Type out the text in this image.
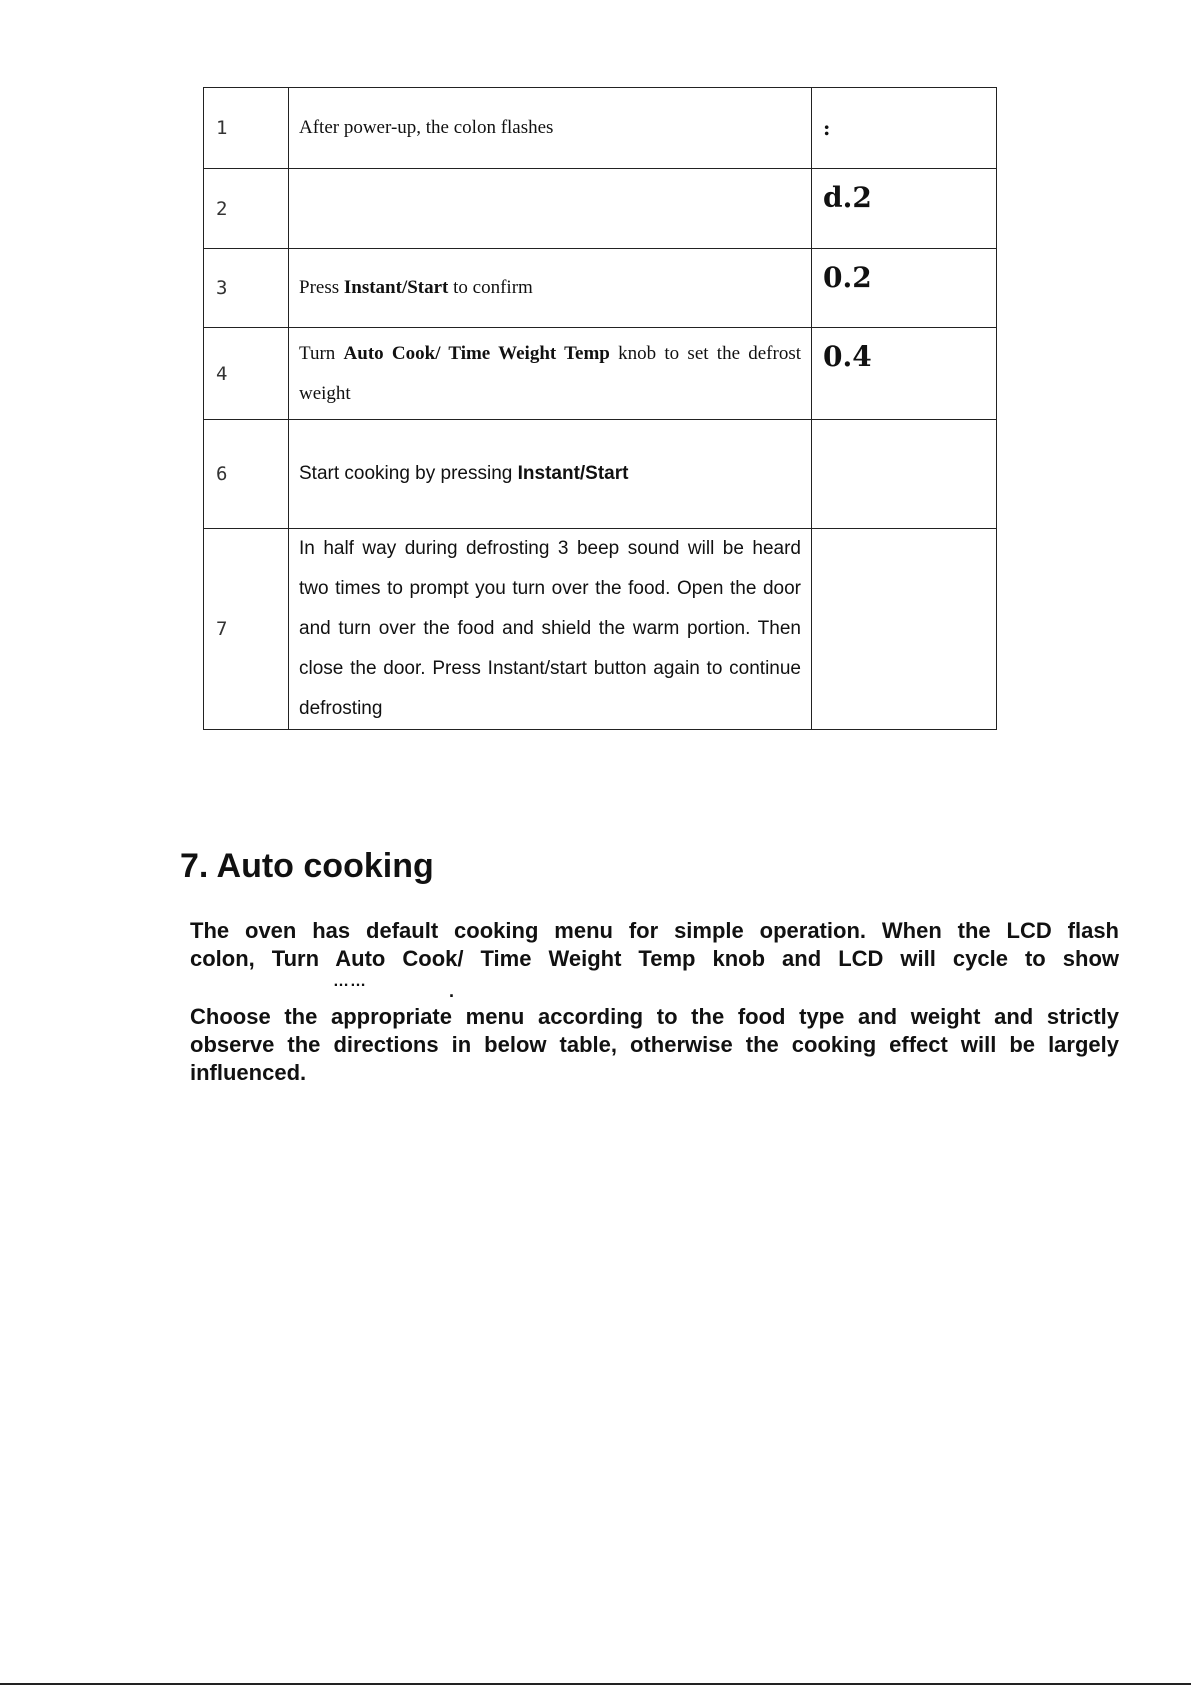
1	After power-up, the colon flashes	:
2		d.2
3	Press Instant/Start to confirm	0.2
4	Turn Auto Cook/ Time Weight Temp knob to set the defrost weight	0.4
6	Start cooking by pressing Instant/Start	
7	In half way during defrosting 3 beep sound will be heard two times to prompt you turn over the food. Open the door and turn over the food and shield the warm portion. Then close the door. Press Instant/start button again to continue defrosting	
7. Auto cooking

The oven has default cooking menu for simple operation. When the LCD flash

colon, Turn Auto Cook/ Time Weight Temp knob and LCD will cycle to show

……	.

Choose the appropriate menu according to the food type and weight and strictly observe the directions in below table, otherwise the cooking effect will be largely influenced.
